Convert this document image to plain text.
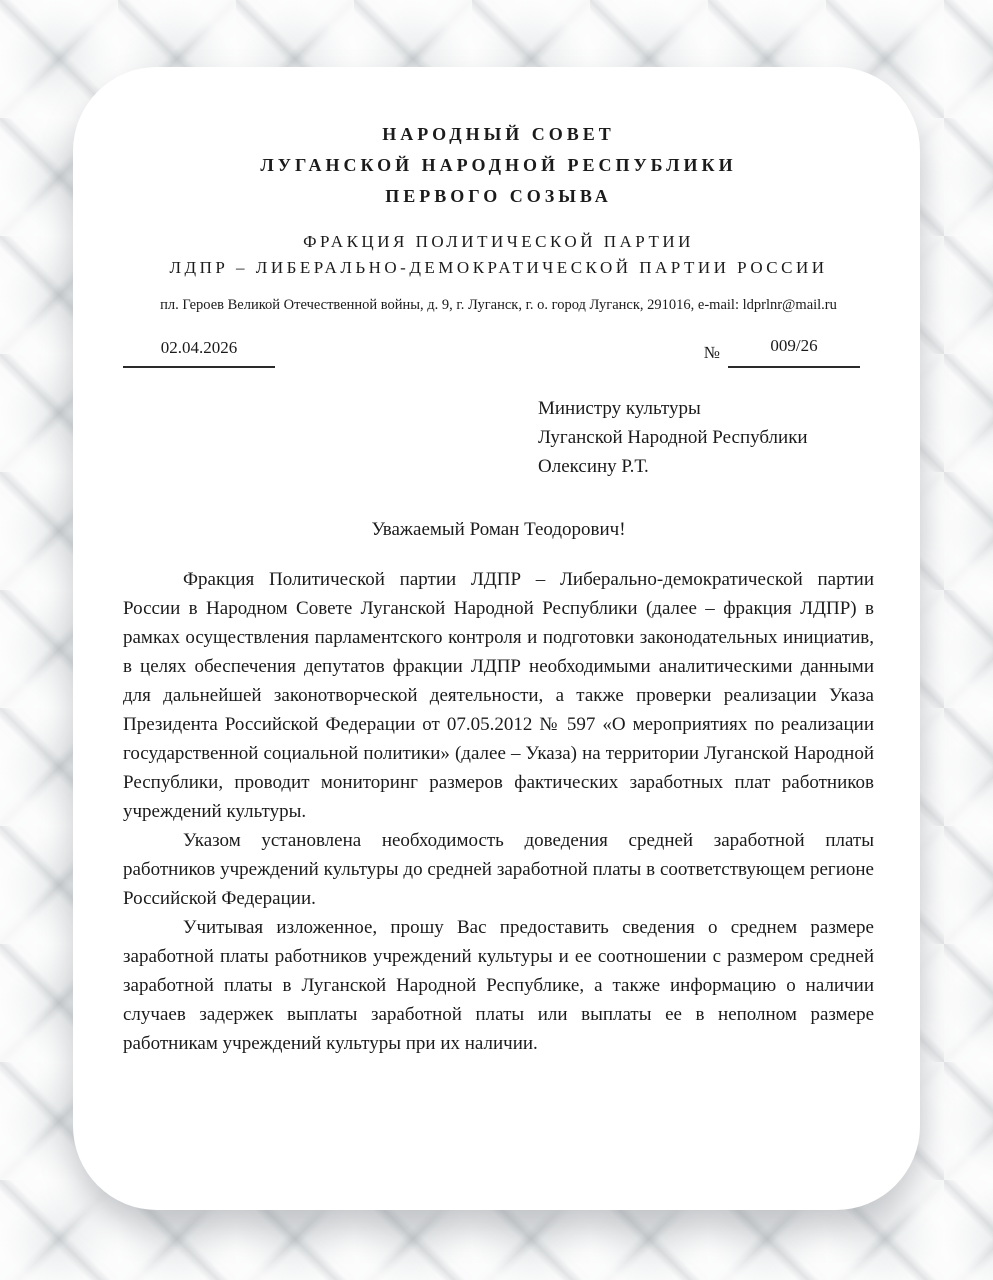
НАРОДНЫЙ СОВЕТ
ЛУГАНСКОЙ НАРОДНОЙ РЕСПУБЛИКИ
ПЕРВОГО СОЗЫВА
ФРАКЦИЯ ПОЛИТИЧЕСКОЙ ПАРТИИ
ЛДПР – ЛИБЕРАЛЬНО-ДЕМОКРАТИЧЕСКОЙ ПАРТИИ РОССИИ
пл. Героев Великой Отечественной войны, д. 9, г. Луганск, г. о. город Луганск, 291016, e-mail: ldprlnr@mail.ru
02.04.2026	№	009/26
Министру культуры
Луганской Народной Республики
Олексину Р.Т.
Уважаемый Роман Теодорович!

Фракция Политической партии ЛДПР – Либерально-демократической партии России в Народном Совете Луганской Народной Республики (далее – фракция ЛДПР) в рамках осуществления парламентского контроля и подготовки законодательных инициатив, в целях обеспечения депутатов фракции ЛДПР необходимыми аналитическими данными для дальнейшей законотворческой деятельности, а также проверки реализации Указа Президента Российской Федерации от 07.05.2012 № 597 «О мероприятиях по реализации государственной социальной политики» (далее – Указа) на территории Луганской Народной Республики, проводит мониторинг размеров фактических заработных плат работников учреждений культуры.

Указом установлена необходимость доведения средней заработной платы работников учреждений культуры до средней заработной платы в соответствующем регионе Российской Федерации.

Учитывая изложенное, прошу Вас предоставить сведения о среднем размере заработной платы работников учреждений культуры и ее соотношении с размером средней заработной платы в Луганской Народной Республике, а также информацию о наличии случаев задержек выплаты заработной платы или выплаты ее в неполном размере работникам учреждений культуры при их наличии.
